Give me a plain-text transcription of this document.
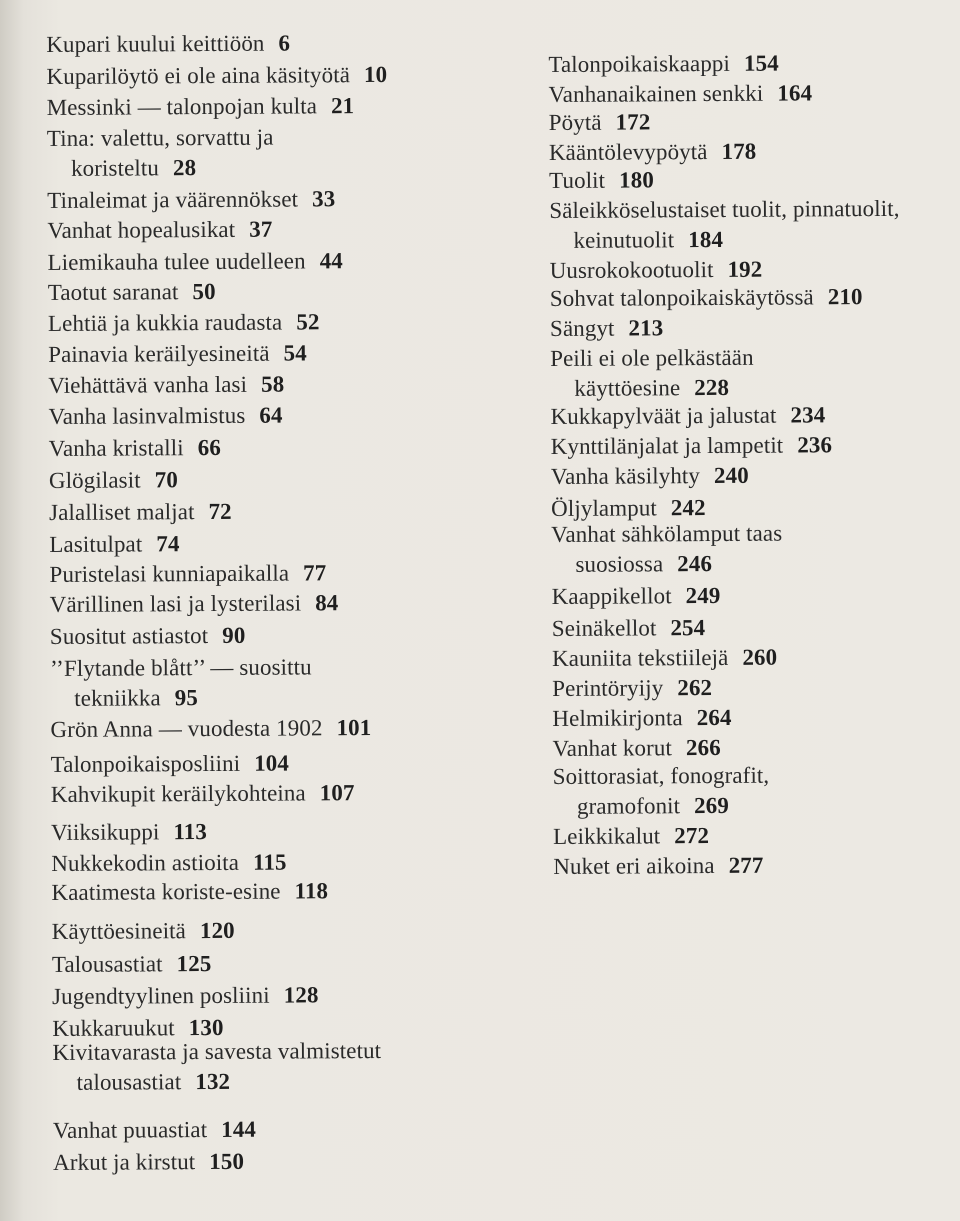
Kupari kuului keittiöön 6
Kuparilöytö ei ole aina käsityötä 10
Messinki — talonpojan kulta 21
Tina: valettu, sorvattu ja
koristeltu 28
Tinaleimat ja väärennökset 33
Vanhat hopealusikat 37
Liemikauha tulee uudelleen 44
Taotut saranat 50
Lehtiä ja kukkia raudasta 52
Painavia keräilyesineitä 54
Viehättävä vanha lasi 58
Vanha lasinvalmistus 64
Vanha kristalli 66
Glögilasit 70
Jalalliset maljat 72
Lasitulpat 74
Puristelasi kunniapaikalla 77
Värillinen lasi ja lysterilasi 84
Suositut astiastot 90
’’Flytande blått’’ — suosittu
tekniikka 95
Grön Anna — vuodesta 1902 101
Talonpoikaisposliini 104
Kahvikupit keräilykohteina 107
Viiksikuppi 113
Nukkekodin astioita 115
Kaatimesta koriste-esine 118
Käyttöesineitä 120
Talousastiat 125
Jugendtyylinen posliini 128
Kukkaruukut 130
Kivitavarasta ja savesta valmistetut
talousastiat 132
Vanhat puuastiat 144
Arkut ja kirstut 150
Talonpoikaiskaappi 154
Vanhanaikainen senkki 164
Pöytä 172
Kääntölevypöytä 178
Tuolit 180
Säleikköselustaiset tuolit, pinnatuolit,
keinutuolit 184
Uusrokokootuolit 192
Sohvat talonpoikaiskäytössä 210
Sängyt 213
Peili ei ole pelkästään
käyttöesine 228
Kukkapylväät ja jalustat 234
Kynttilänjalat ja lampetit 236
Vanha käsilyhty 240
Öljylamput 242
Vanhat sähkölamput taas
suosiossa 246
Kaappikellot 249
Seinäkellot 254
Kauniita tekstiilejä 260
Perintöryijy 262
Helmikirjonta 264
Vanhat korut 266
Soittorasiat, fonografit,
gramofonit 269
Leikkikalut 272
Nuket eri aikoina 277
